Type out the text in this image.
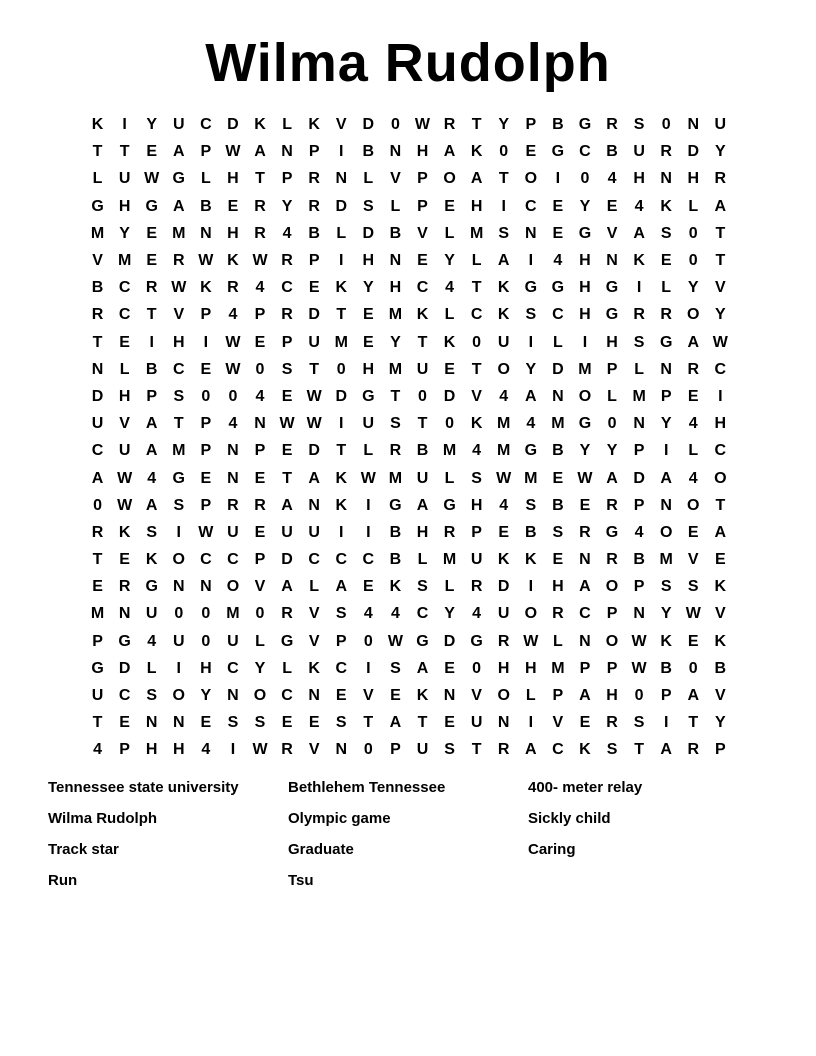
Wilma Rudolph
K	I	Y U C D K	L	K V D	0 W R	T	Y	P B G R S	0	N U
T	T	E A P W A N P	I	B N H A K	0	E G C B U R D Y
L	U W G L	H	T	P R N	L	V	P O A	T O	I	0	4	H N H R
G H G A B E R Y R D S	L	P	E H	I	C E	Y	E	4	K	L	A
M Y	E M N H R	4	B	L	D B V	L M S N E G V A S	0	T
V M E R W K W R P	I	H N E	Y	L	A	I	4	H N K E	0	T
B C R W K R	4	C E K Y H C	4	T	K G G H G	I	L	Y	V
R C	T	V	P	4	P R D	T	E M K	L	C K S C H G R R O Y
T	E	I	H	I	W E	P U M E	Y	T	K	0	U	I	L	I	H S G A W
N	L	B C E W 0	S	T	0	H M U E	T O Y D M P	L	N R C
D H P	S	0	0	4	E W D G T	0	D V	4	A N O L M P	E	I
U V A	T	P	4	N W W	I	U S	T	0	K M 4 M G	0	N Y	4	H
C U A M P N P	E D	T	L	R B M 4 M G B Y	Y	P	I	L	C
A W 4	G E N E	T	A K W M U	L	S W M E W A D A	4	O
0 W A S	P R R A N K	I	G A G H	4	S B E R P N O T
R K S	I	W U E U U	I	I	B H R P	E B S R G	4	O E A
T	E K O C C P D C C C B	L M U K K E N R B M V	E
E R G N N O V A	L	A E K S	L	R D	I	H A O P	S	S K
M N U	0	0 M 0	R V	S	4	4	C Y	4	U O R C P N Y W V
P G	4	U	0	U	L G V	P	0 W G D G R W L	N O W K E K
G D	L	I	H C Y	L	K C	I	S A E	0	H H M P	P W B	0	B
U C S O Y N O C N E	V	E K N V O L	P A H	0	P A V
T	E N N E	S	S	E	E	S	T	A	T	E U N	I	V	E R S	I	T	Y
4	P H H	4	I	W R V N	0	P U S	T	R A C K S	T	A R P
Tennessee state university	Bethlehem Tennessee	400- meter relay
Wilma Rudolph	Olympic game	Sickly child
Track star	Graduate	Caring
Run	Tsu
